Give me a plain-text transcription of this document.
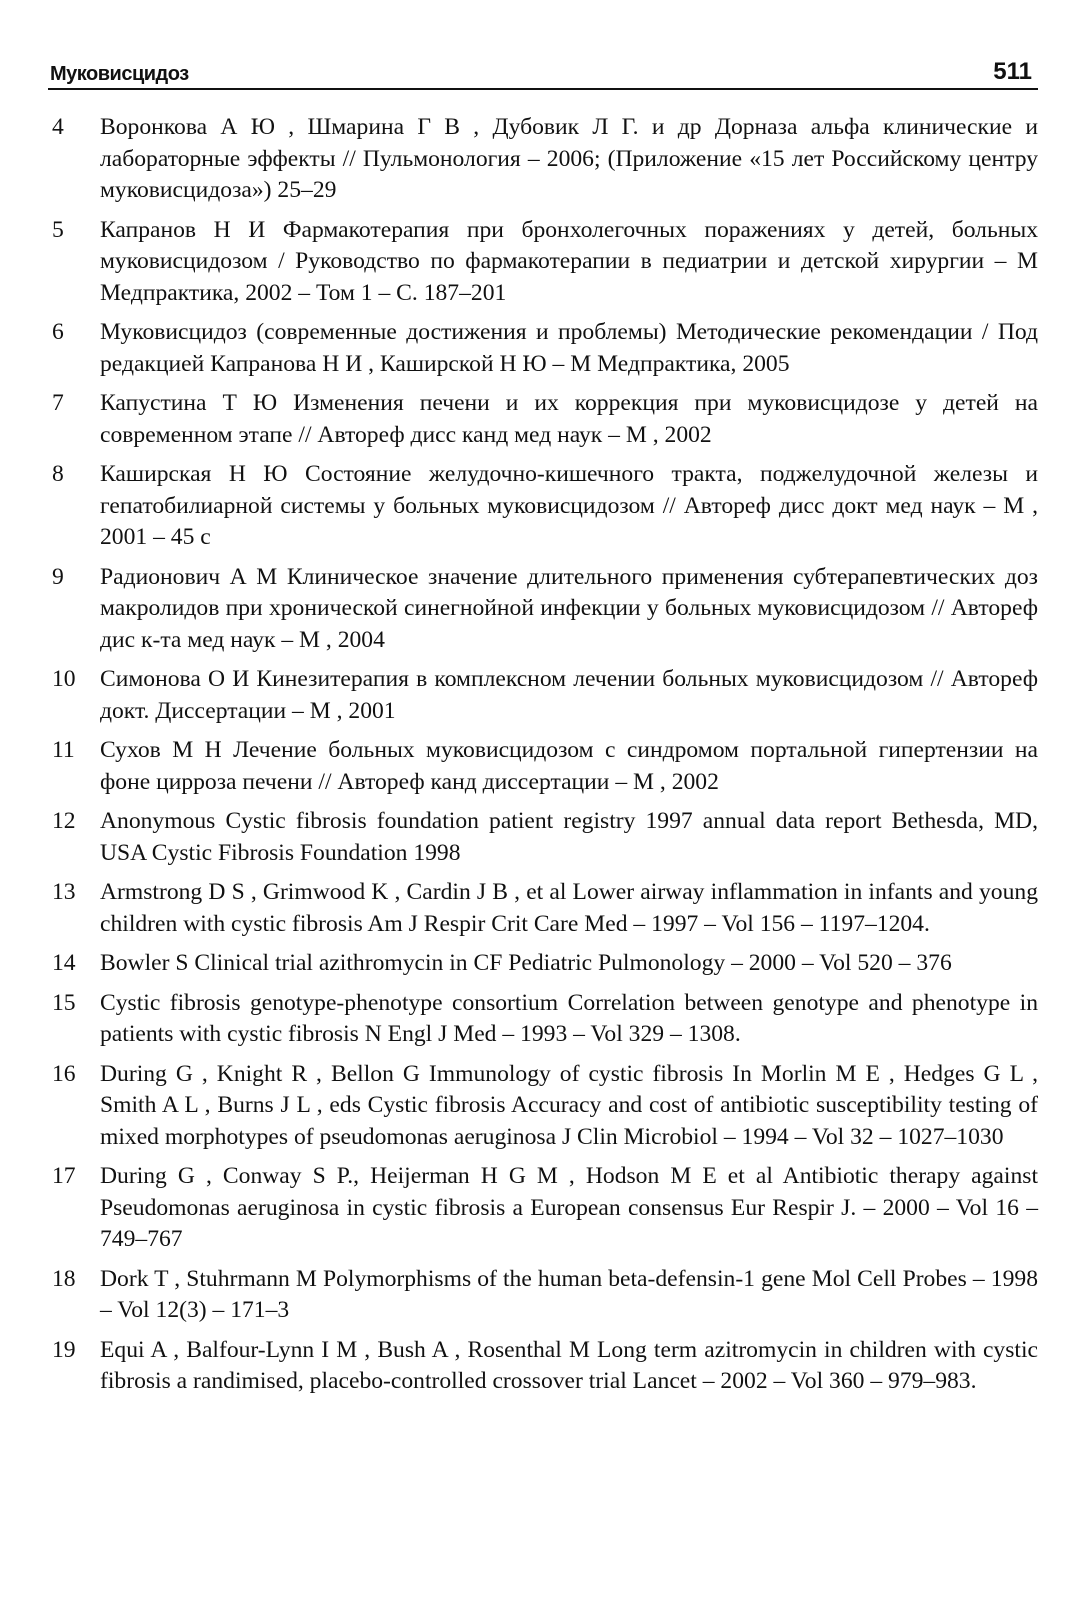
Муковисцидоз	511
4	Воронкова А Ю , Шмарина Г В , Дубовик Л Г. и др Дорназа альфа клинические и лабораторные эффекты // Пульмонология – 2006; (Приложение «15 лет Российскому центру муковисцидоза») 25–29
5	Капранов Н И Фармакотерапия при бронхолегочных поражениях у детей, больных муковисцидозом / Руководство по фармакотерапии в педиатрии и детской хирургии – М Медпрактика, 2002 – Том 1 – С. 187–201
6	Муковисцидоз (современные достижения и проблемы) Методические рекомендации / Под редакцией Капранова Н И , Каширской Н Ю – М Медпрактика, 2005
7	Капустина Т Ю Изменения печени и их коррекция при муковисцидозе у детей на современном этапе // Автореф дисс канд мед наук – М , 2002
8	Каширская Н Ю Состояние желудочно-кишечного тракта, поджелудочной железы и гепатобилиарной системы у больных муковисцидозом // Автореф дисс докт мед наук – М , 2001 – 45 с
9	Радионович А М Клиническое значение длительного применения субтерапевтических доз макролидов при хронической синегнойной инфекции у больных муковисцидозом // Автореф дис к-та мед наук – М , 2004
10	Симонова О И Кинезитерапия в комплексном лечении больных муковисцидозом // Автореф докт. Диссертации – М , 2001
11	Сухов М Н Лечение больных муковисцидозом с синдромом портальной гипертензии на фоне цирроза печени // Автореф канд диссертации – М , 2002
12	Anonymous Cystic fibrosis foundation patient registry 1997 annual data report Bethesda, MD, USA Cystic Fibrosis Foundation 1998
13	Armstrong D S , Grimwood K , Cardin J B , et al Lower airway inflammation in infants and young children with cystic fibrosis Am J Respir Crit Care Med – 1997 – Vol 156 – 1197–1204.
14	Bowler S Clinical trial azithromycin in CF Pediatric Pulmonology – 2000 – Vol 520 – 376
15	Cystic fibrosis genotype-phenotype consortium Correlation between genotype and phenotype in patients with cystic fibrosis N Engl J Med – 1993 – Vol 329 – 1308.
16	During G , Knight R , Bellon G Immunology of cystic fibrosis In Morlin M E , Hedges G L , Smith A L , Burns J L , eds Cystic fibrosis Accuracy and cost of antibiotic susceptibility testing of mixed morphotypes of pseudomonas aeruginosa J Clin Microbiol – 1994 – Vol 32 – 1027–1030
17	During G , Conway S P., Heijerman H G M , Hodson M E et al Antibiotic therapy against Pseudomonas aeruginosa in cystic fibrosis a European consensus Eur Respir J. – 2000 – Vol 16 – 749–767
18	Dork T , Stuhrmann M Polymorphisms of the human beta-defensin-1 gene Mol Cell Probes – 1998 – Vol 12(3) – 171–3
19	Equi A , Balfour-Lynn I M , Bush A , Rosenthal M Long term azitromycin in children with cystic fibrosis a randimised, placebo-controlled crossover trial Lancet – 2002 – Vol 360 – 979–983.
